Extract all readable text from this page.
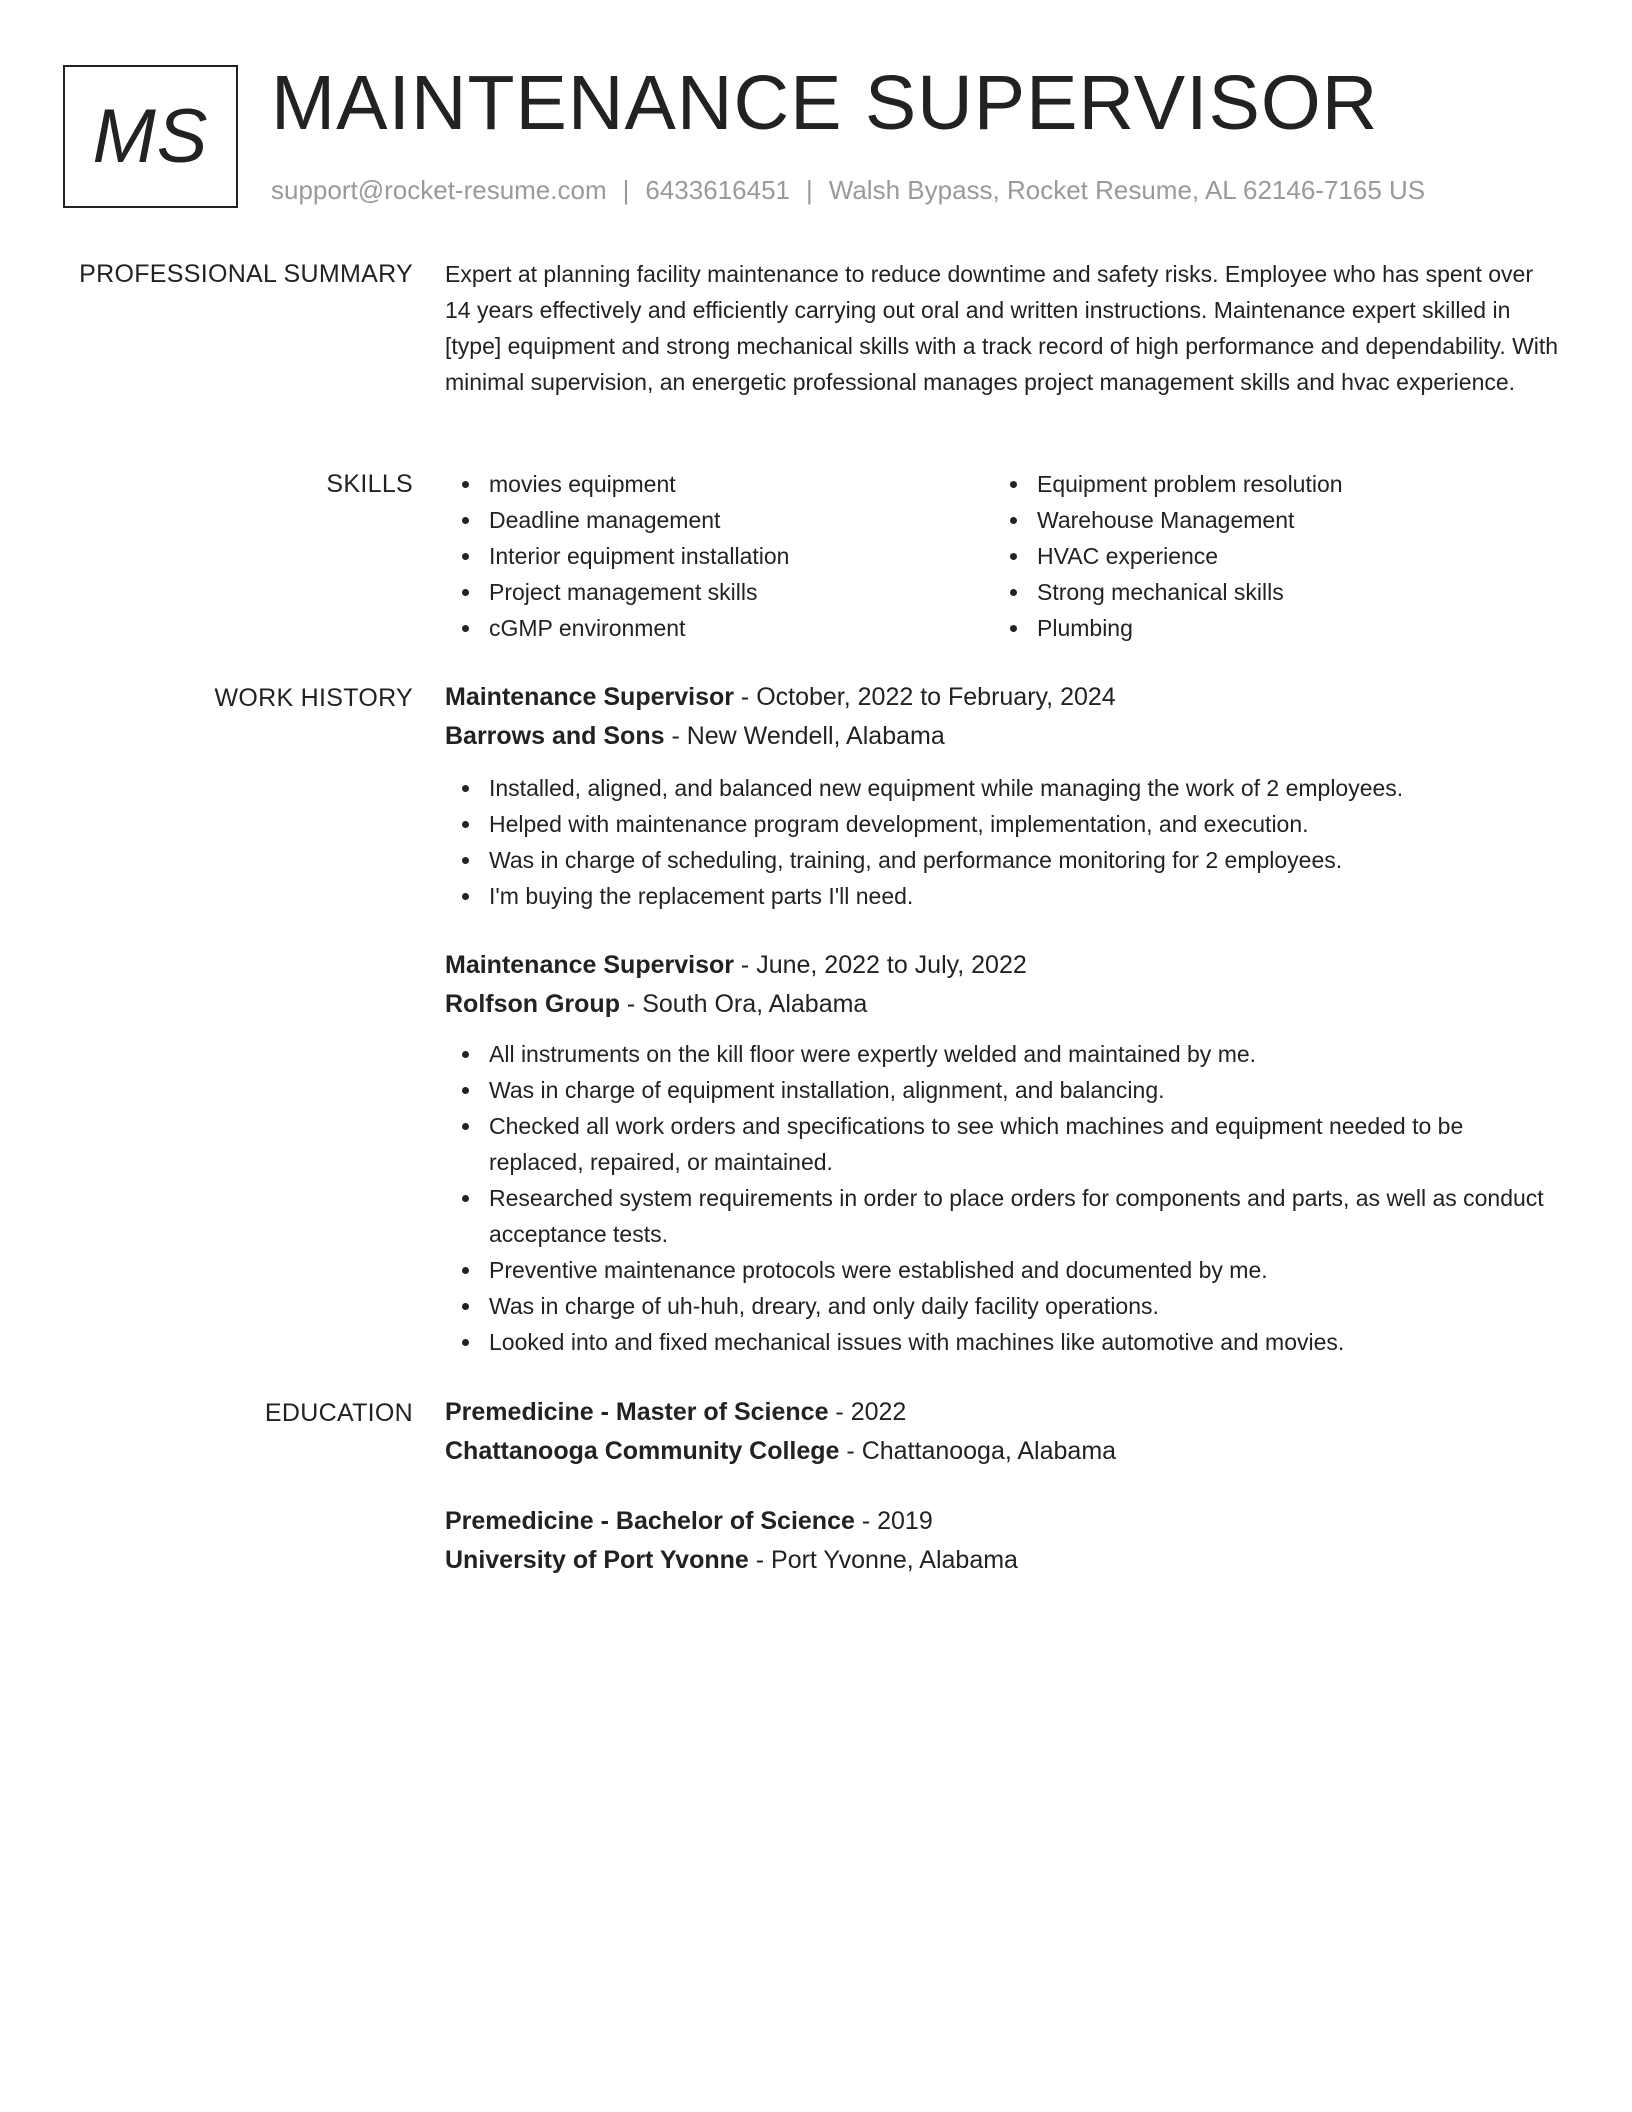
MS MAINTENANCE SUPERVISOR
support@rocket-resume.com | 6433616451 | Walsh Bypass, Rocket Resume, AL 62146-7165 US
PROFESSIONAL SUMMARY Expert at planning facility maintenance to reduce downtime and safety risks. Employee who has spent over 14 years effectively and efficiently carrying out oral and written instructions. Maintenance expert skilled in [type] equipment and strong mechanical skills with a track record of high performance and dependability. With minimal supervision, an energetic professional manages project management skills and hvac experience.
SKILLS	movies equipment
Deadline management
Interior equipment installation
Project management skills
cGMP environment
Equipment problem resolution
Warehouse Management
HVAC experience
Strong mechanical skills
Plumbing
WORK HISTORY Maintenance Supervisor - October, 2022 to February, 2024
Barrows and Sons - New Wendell, Alabama
Installed, aligned, and balanced new equipment while managing the work of 2 employees.
Helped with maintenance program development, implementation, and execution.
Was in charge of scheduling, training, and performance monitoring for 2 employees.
I'm buying the replacement parts I'll need.
Maintenance Supervisor - June, 2022 to July, 2022
Rolfson Group - South Ora, Alabama
All instruments on the kill floor were expertly welded and maintained by me.
Was in charge of equipment installation, alignment, and balancing.
Checked all work orders and specifications to see which machines and equipment needed to be replaced, repaired, or maintained.
Researched system requirements in order to place orders for components and parts, as well as conduct acceptance tests.
Preventive maintenance protocols were established and documented by me.
Was in charge of uh-huh, dreary, and only daily facility operations.
Looked into and fixed mechanical issues with machines like automotive and movies.
EDUCATION Premedicine - Master of Science - 2022
Chattanooga Community College - Chattanooga, Alabama
Premedicine - Bachelor of Science - 2019
University of Port Yvonne - Port Yvonne, Alabama
